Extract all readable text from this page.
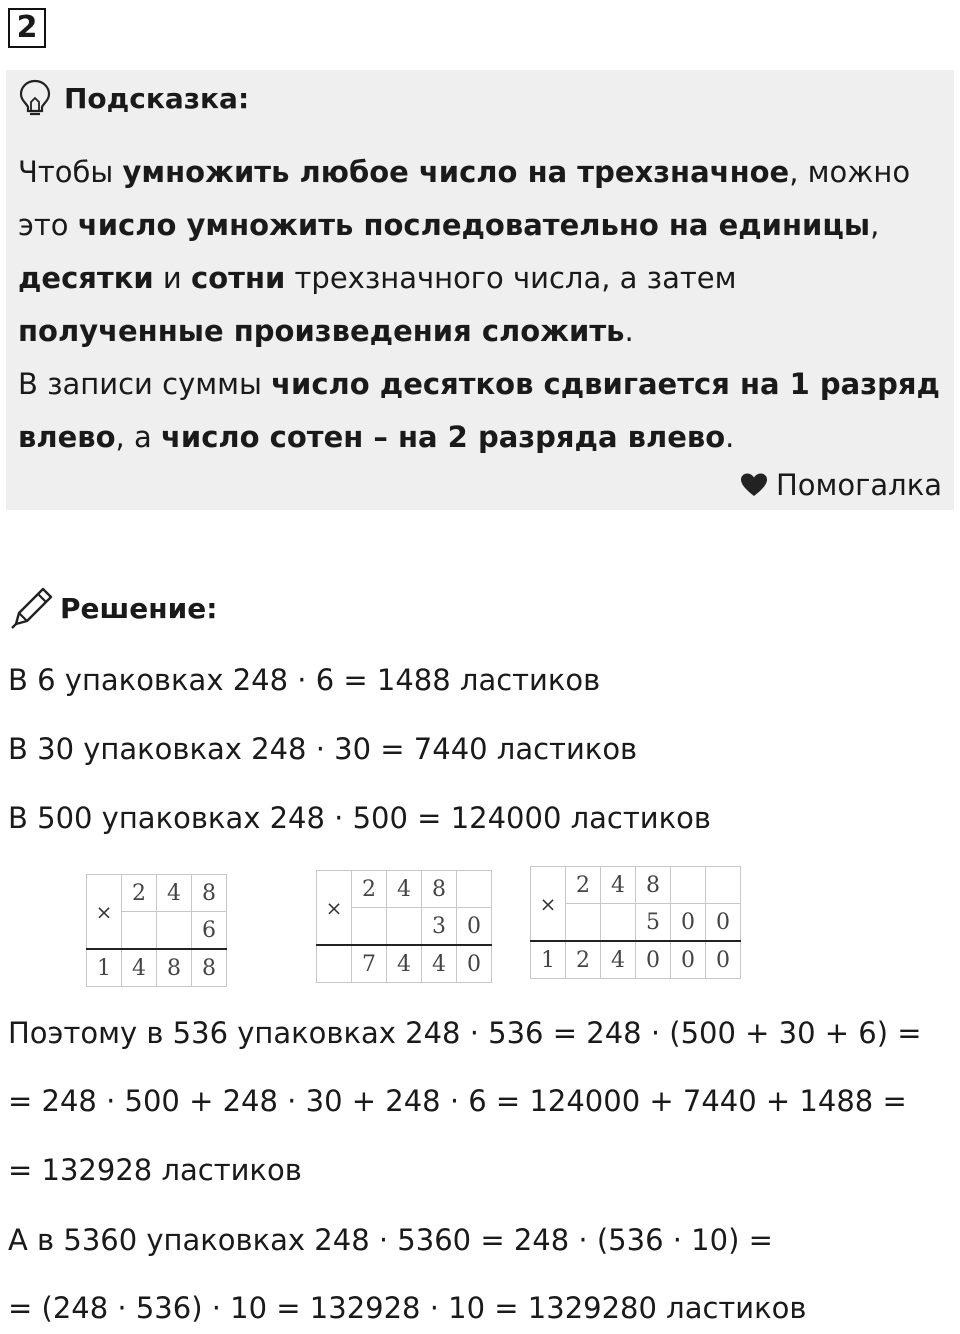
2
Подсказка:

Чтобы умножить любое число на трехзначное, можно это число умножить последовательно на единицы, десятки и сотни трехзначного числа, а затем полученные произведения сложить.
В записи суммы число десятков сдвигается на 1 разряд влево, а число сотен – на 2 разряда влево.

Помогалка
Решение:
В 6 упаковках 248 · 6 = 1488 ластиков
В 30 упаковках 248 · 30 = 7440 ластиков
В 500 упаковках 248 · 500 = 124000 ластиков
×	2	4	8
			6
1	4	8	8
×	2	4	8	
			3	0
	7	4	4	0
×	2	4	8		
			5	0	0
1	2	4	0	0	0
Поэтому в 536 упаковках 248 · 536 = 248 · (500 + 30 + 6) =
= 248 · 500 + 248 · 30 + 248 · 6 = 124000 + 7440 + 1488 =
= 132928 ластиков
А в 5360 упаковках 248 · 5360 = 248 · (536 · 10) =
= (248 · 536) · 10 = 132928 · 10 = 1329280 ластиков
